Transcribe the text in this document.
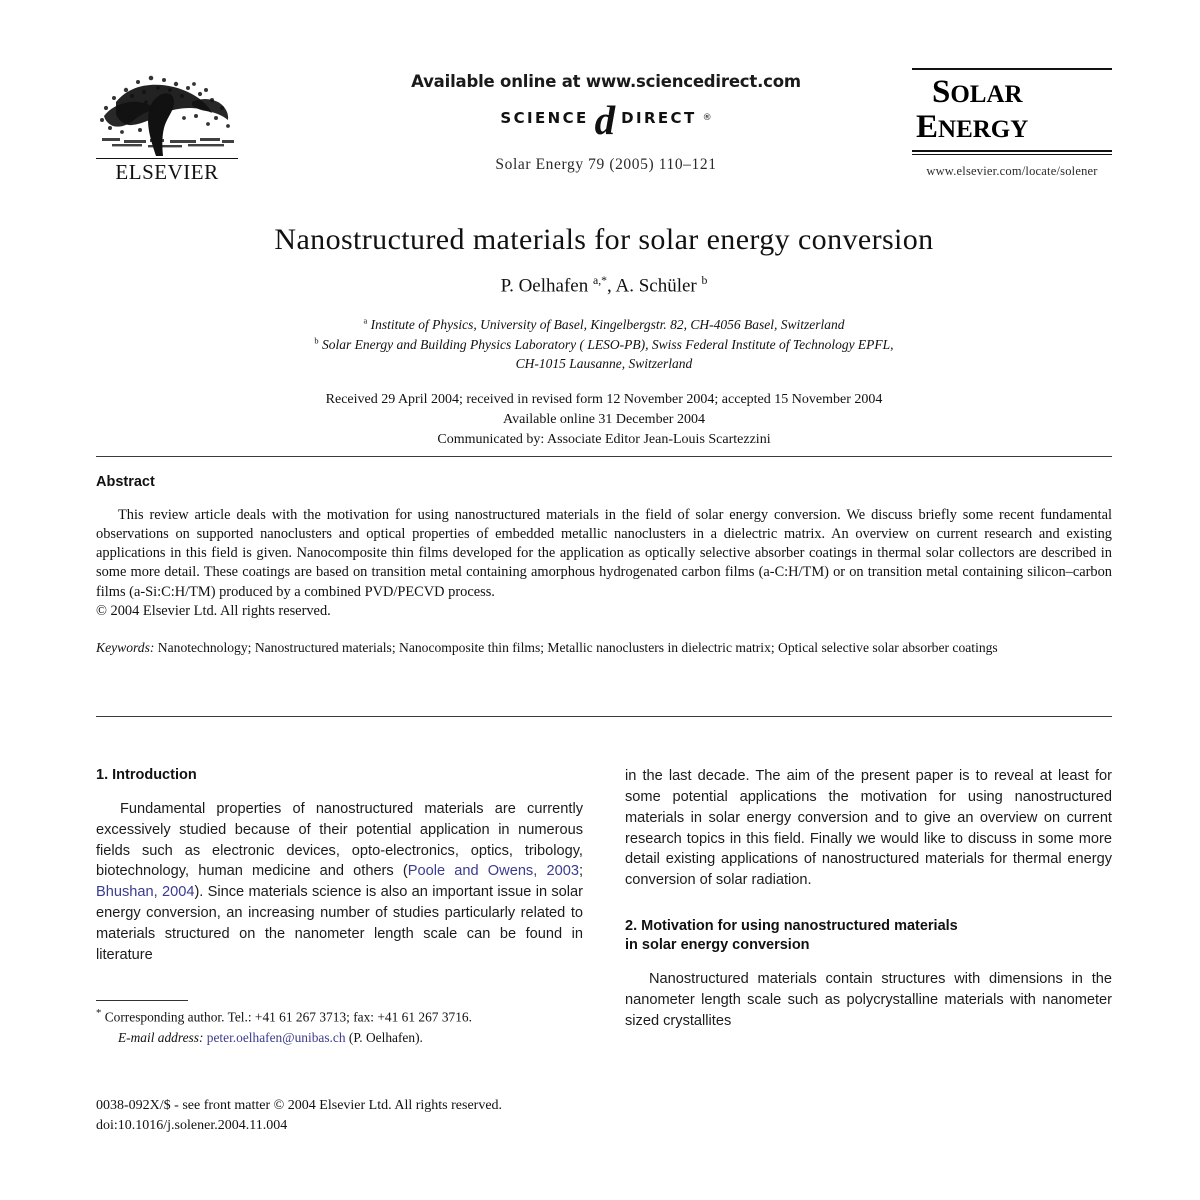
ELSEVIER
Available online at www.sciencedirect.com
SCIENCE d DIRECT ®
Solar Energy 79 (2005) 110–121
SOLAR
ENERGY
www.elsevier.com/locate/solener
Nanostructured materials for solar energy conversion
P. Oelhafen $^{a,*}$, A. Schüler $^b$
$^a$ Institute of Physics, University of Basel, Kingelbergstr. 82, CH-4056 Basel, Switzerland
$^b$ Solar Energy and Building Physics Laboratory ( LESO-PB), Swiss Federal Institute of Technology EPFL,
CH-1015 Lausanne, Switzerland
Received 29 April 2004; received in revised form 12 November 2004; accepted 15 November 2004
Available online 31 December 2004
Communicated by: Associate Editor Jean-Louis Scartezzini
Abstract
This review article deals with the motivation for using nanostructured materials in the field of solar energy conversion. We discuss briefly some recent fundamental observations on supported nanoclusters and optical properties of embedded metallic nanoclusters in a dielectric matrix. An overview on current research and existing applications in this field is given. Nanocomposite thin films developed for the application as optically selective absorber coatings in thermal solar collectors are described in some more detail. These coatings are based on transition metal containing amorphous hydrogenated carbon films (a-C:H/TM) or on transition metal containing silicon–carbon films (a-Si:C:H/TM) produced by a combined PVD/PECVD process.
© 2004 Elsevier Ltd. All rights reserved.
Keywords: Nanotechnology; Nanostructured materials; Nanocomposite thin films; Metallic nanoclusters in dielectric matrix; Optical selective solar absorber coatings
1. Introduction
Fundamental properties of nanostructured materials are currently excessively studied because of their potential application in numerous fields such as electronic devices, opto-electronics, optics, tribology, biotechnology, human medicine and others (Poole and Owens, 2003; Bhushan, 2004). Since materials science is also an important issue in solar energy conversion, an increasing number of studies particularly related to materials structured on the nanometer length scale can be found in literature
in the last decade. The aim of the present paper is to reveal at least for some potential applications the motivation for using nanostructured materials in solar energy conversion and to give an overview on current research topics in this field. Finally we would like to discuss in some more detail existing applications of nanostructured materials for thermal energy conversion of solar radiation.
2. Motivation for using nanostructured materials
in solar energy conversion
Nanostructured materials contain structures with dimensions in the nanometer length scale such as polycrystalline materials with nanometer sized crystallites
* Corresponding author. Tel.: +41 61 267 3713; fax: +41 61 267 3716.
E-mail address: peter.oelhafen@unibas.ch (P. Oelhafen).
0038-092X/$ - see front matter © 2004 Elsevier Ltd. All rights reserved.
doi:10.1016/j.solener.2004.11.004
